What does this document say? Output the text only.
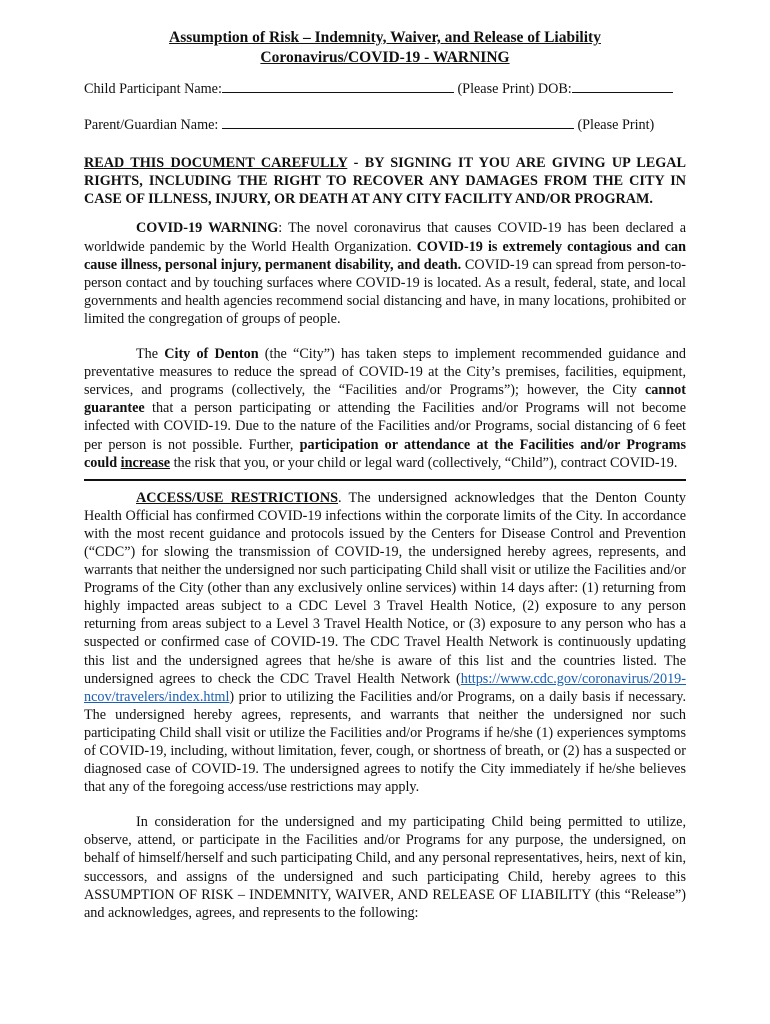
Assumption of Risk – Indemnity, Waiver, and Release of Liability
Coronavirus/COVID-19 - WARNING
Child Participant Name:	(Please Print) DOB:
Parent/Guardian Name:	(Please Print)
READ THIS DOCUMENT CAREFULLY - BY SIGNING IT YOU ARE GIVING UP LEGAL RIGHTS, INCLUDING THE RIGHT TO RECOVER ANY DAMAGES FROM THE CITY IN CASE OF ILLNESS, INJURY, OR DEATH AT ANY CITY FACILITY AND/OR PROGRAM.

COVID-19 WARNING: The novel coronavirus that causes COVID-19 has been declared a worldwide pandemic by the World Health Organization. COVID-19 is extremely contagious and can cause illness, personal injury, permanent disability, and death. COVID-19 can spread from person-to-person contact and by touching surfaces where COVID-19 is located. As a result, federal, state, and local governments and health agencies recommend social distancing and have, in many locations, prohibited or limited the congregation of groups of people.

The City of Denton (the “City”) has taken steps to implement recommended guidance and preventative measures to reduce the spread of COVID-19 at the City’s premises, facilities, equipment, services, and programs (collectively, the “Facilities and/or Programs”); however, the City cannot guarantee that a person participating or attending the Facilities and/or Programs will not become infected with COVID-19. Due to the nature of the Facilities and/or Programs, social distancing of 6 feet per person is not possible. Further, participation or attendance at the Facilities and/or Programs could increase the risk that you, or your child or legal ward (collectively, “Child”), contract COVID-19.

ACCESS/USE RESTRICTIONS. The undersigned acknowledges that the Denton County Health Official has confirmed COVID-19 infections within the corporate limits of the City. In accordance with the most recent guidance and protocols issued by the Centers for Disease Control and Prevention (“CDC”) for slowing the transmission of COVID-19, the undersigned hereby agrees, represents, and warrants that neither the undersigned nor such participating Child shall visit or utilize the Facilities and/or Programs of the City (other than any exclusively online services) within 14 days after: (1) returning from highly impacted areas subject to a CDC Level 3 Travel Health Notice, (2) exposure to any person returning from areas subject to a Level 3 Travel Health Notice, or (3) exposure to any person who has a suspected or confirmed case of COVID-19. The CDC Travel Health Network is continuously updating this list and the undersigned agrees that he/she is aware of this list and the countries listed. The undersigned agrees to check the CDC Travel Health Network (https://www.cdc.gov/coronavirus/2019-ncov/travelers/index.html) prior to utilizing the Facilities and/or Programs, on a daily basis if necessary. The undersigned hereby agrees, represents, and warrants that neither the undersigned nor such participating Child shall visit or utilize the Facilities and/or Programs if he/she (1) experiences symptoms of COVID-19, including, without limitation, fever, cough, or shortness of breath, or (2) has a suspected or diagnosed case of COVID-19. The undersigned agrees to notify the City immediately if he/she believes that any of the foregoing access/use restrictions may apply.

In consideration for the undersigned and my participating Child being permitted to utilize, observe, attend, or participate in the Facilities and/or Programs for any purpose, the undersigned, on behalf of himself/herself and such participating Child, and any personal representatives, heirs, next of kin, successors, and assigns of the undersigned and such participating Child, hereby agrees to this ASSUMPTION OF RISK – INDEMNITY, WAIVER, AND RELEASE OF LIABILITY (this “Release”) and acknowledges, agrees, and represents to the following:
